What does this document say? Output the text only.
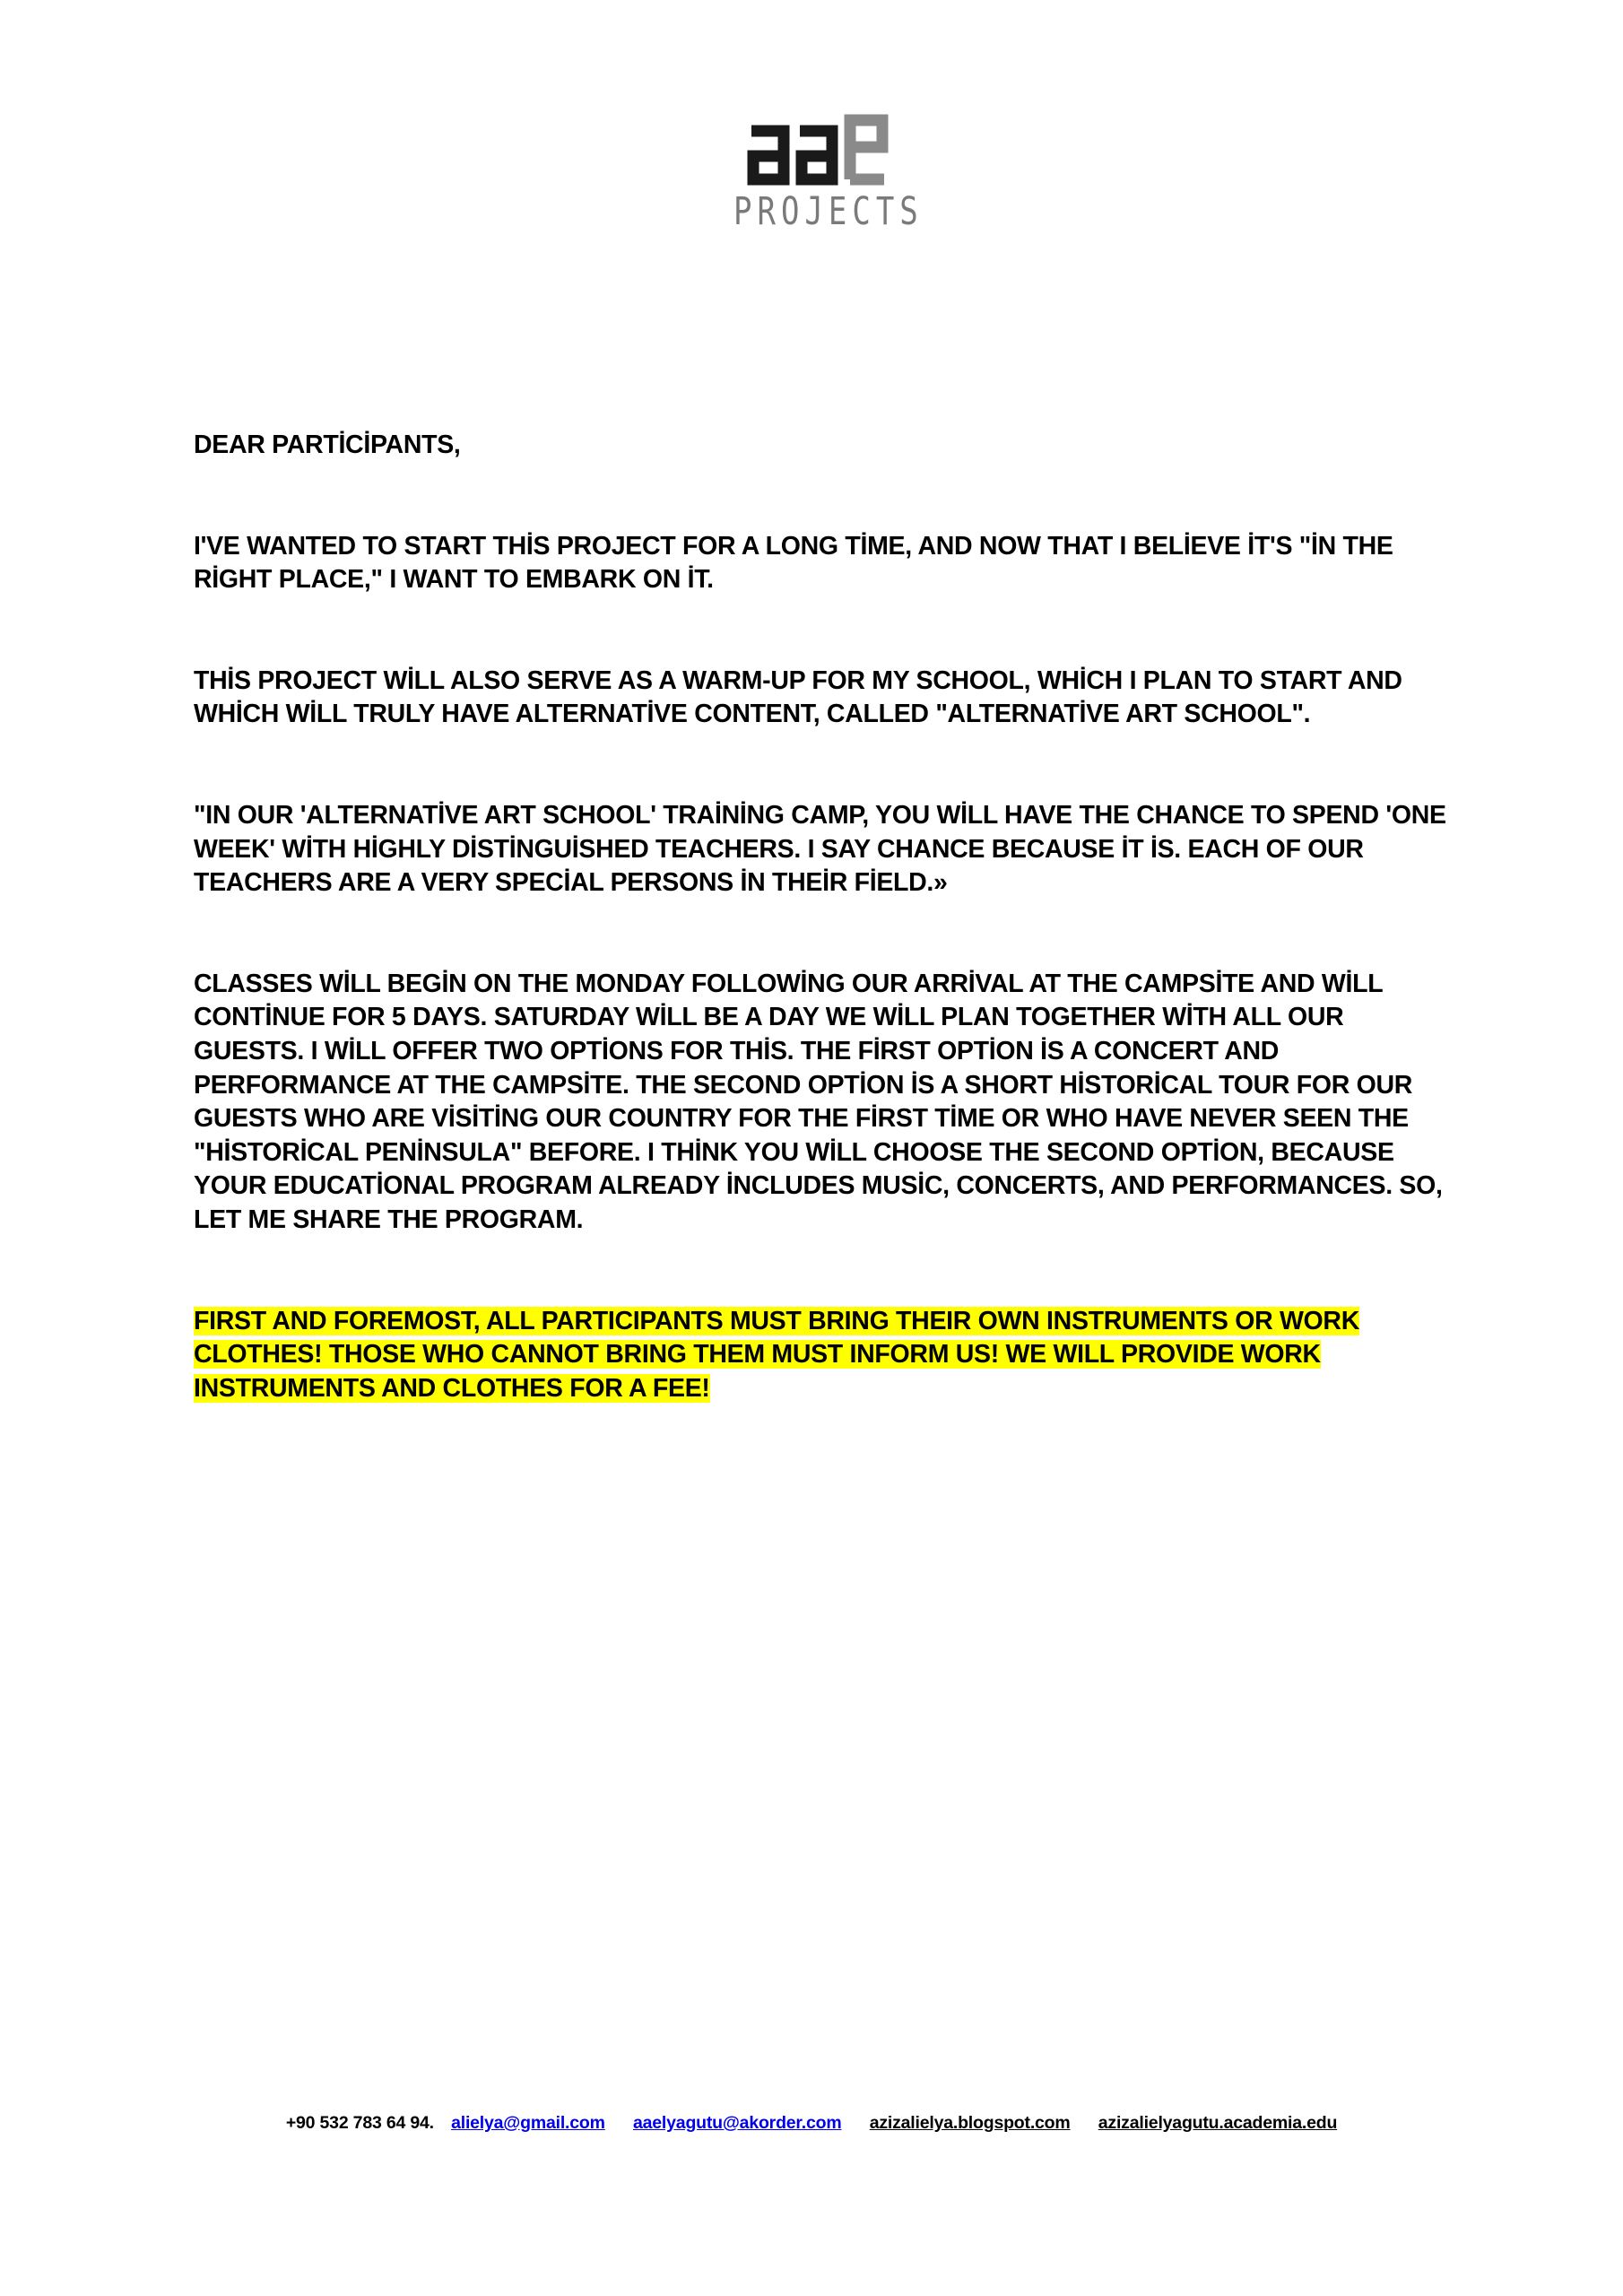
PROJECTS

DEAR PARTİCİPANTS,

I'VE WANTED TO START THİS PROJECT FOR A LONG TİME, AND NOW THAT I BELİEVE İT'S "İN THE RİGHT PLACE," I WANT TO EMBARK ON İT.

THİS PROJECT WİLL ALSO SERVE AS A WARM-UP FOR MY SCHOOL, WHİCH I PLAN TO START AND WHİCH WİLL TRULY HAVE ALTERNATİVE CONTENT, CALLED "ALTERNATİVE ART SCHOOL".

"IN OUR 'ALTERNATİVE ART SCHOOL' TRAİNİNG CAMP, YOU WİLL HAVE THE CHANCE TO SPEND 'ONE WEEK' WİTH HİGHLY DİSTİNGUİSHED TEACHERS. I SAY CHANCE BECAUSE İT İS. EACH OF OUR TEACHERS ARE A VERY SPECİAL PERSONS İN THEİR FİELD.»

CLASSES WİLL BEGİN ON THE MONDAY FOLLOWİNG OUR ARRİVAL AT THE CAMPSİTE AND WİLL CONTİNUE FOR 5 DAYS. SATURDAY WİLL BE A DAY WE WİLL PLAN TOGETHER WİTH ALL OUR GUESTS. I WİLL OFFER TWO OPTİONS FOR THİS. THE FİRST OPTİON İS A CONCERT AND PERFORMANCE AT THE CAMPSİTE. THE SECOND OPTİON İS A SHORT HİSTORİCAL TOUR FOR OUR GUESTS WHO ARE VİSİTİNG OUR COUNTRY FOR THE FİRST TİME OR WHO HAVE NEVER SEEN THE "HİSTORİCAL PENİNSULA" BEFORE. I THİNK YOU WİLL CHOOSE THE SECOND OPTİON, BECAUSE YOUR EDUCATİONAL PROGRAM ALREADY İNCLUDES MUSİC, CONCERTS, AND PERFORMANCES. SO, LET ME SHARE THE PROGRAM.

FIRST AND FOREMOST, ALL PARTICIPANTS MUST BRING THEIR OWN INSTRUMENTS OR WORK CLOTHES! THOSE WHO CANNOT BRING THEM MUST INFORM US! WE WILL PROVIDE WORK INSTRUMENTS AND CLOTHES FOR A FEE!

+90 532 783 64 94. alielya@gmail.com aaelyagutu@akorder.com azizalielya.blogspot.com azizalielyagutu.academia.edu
